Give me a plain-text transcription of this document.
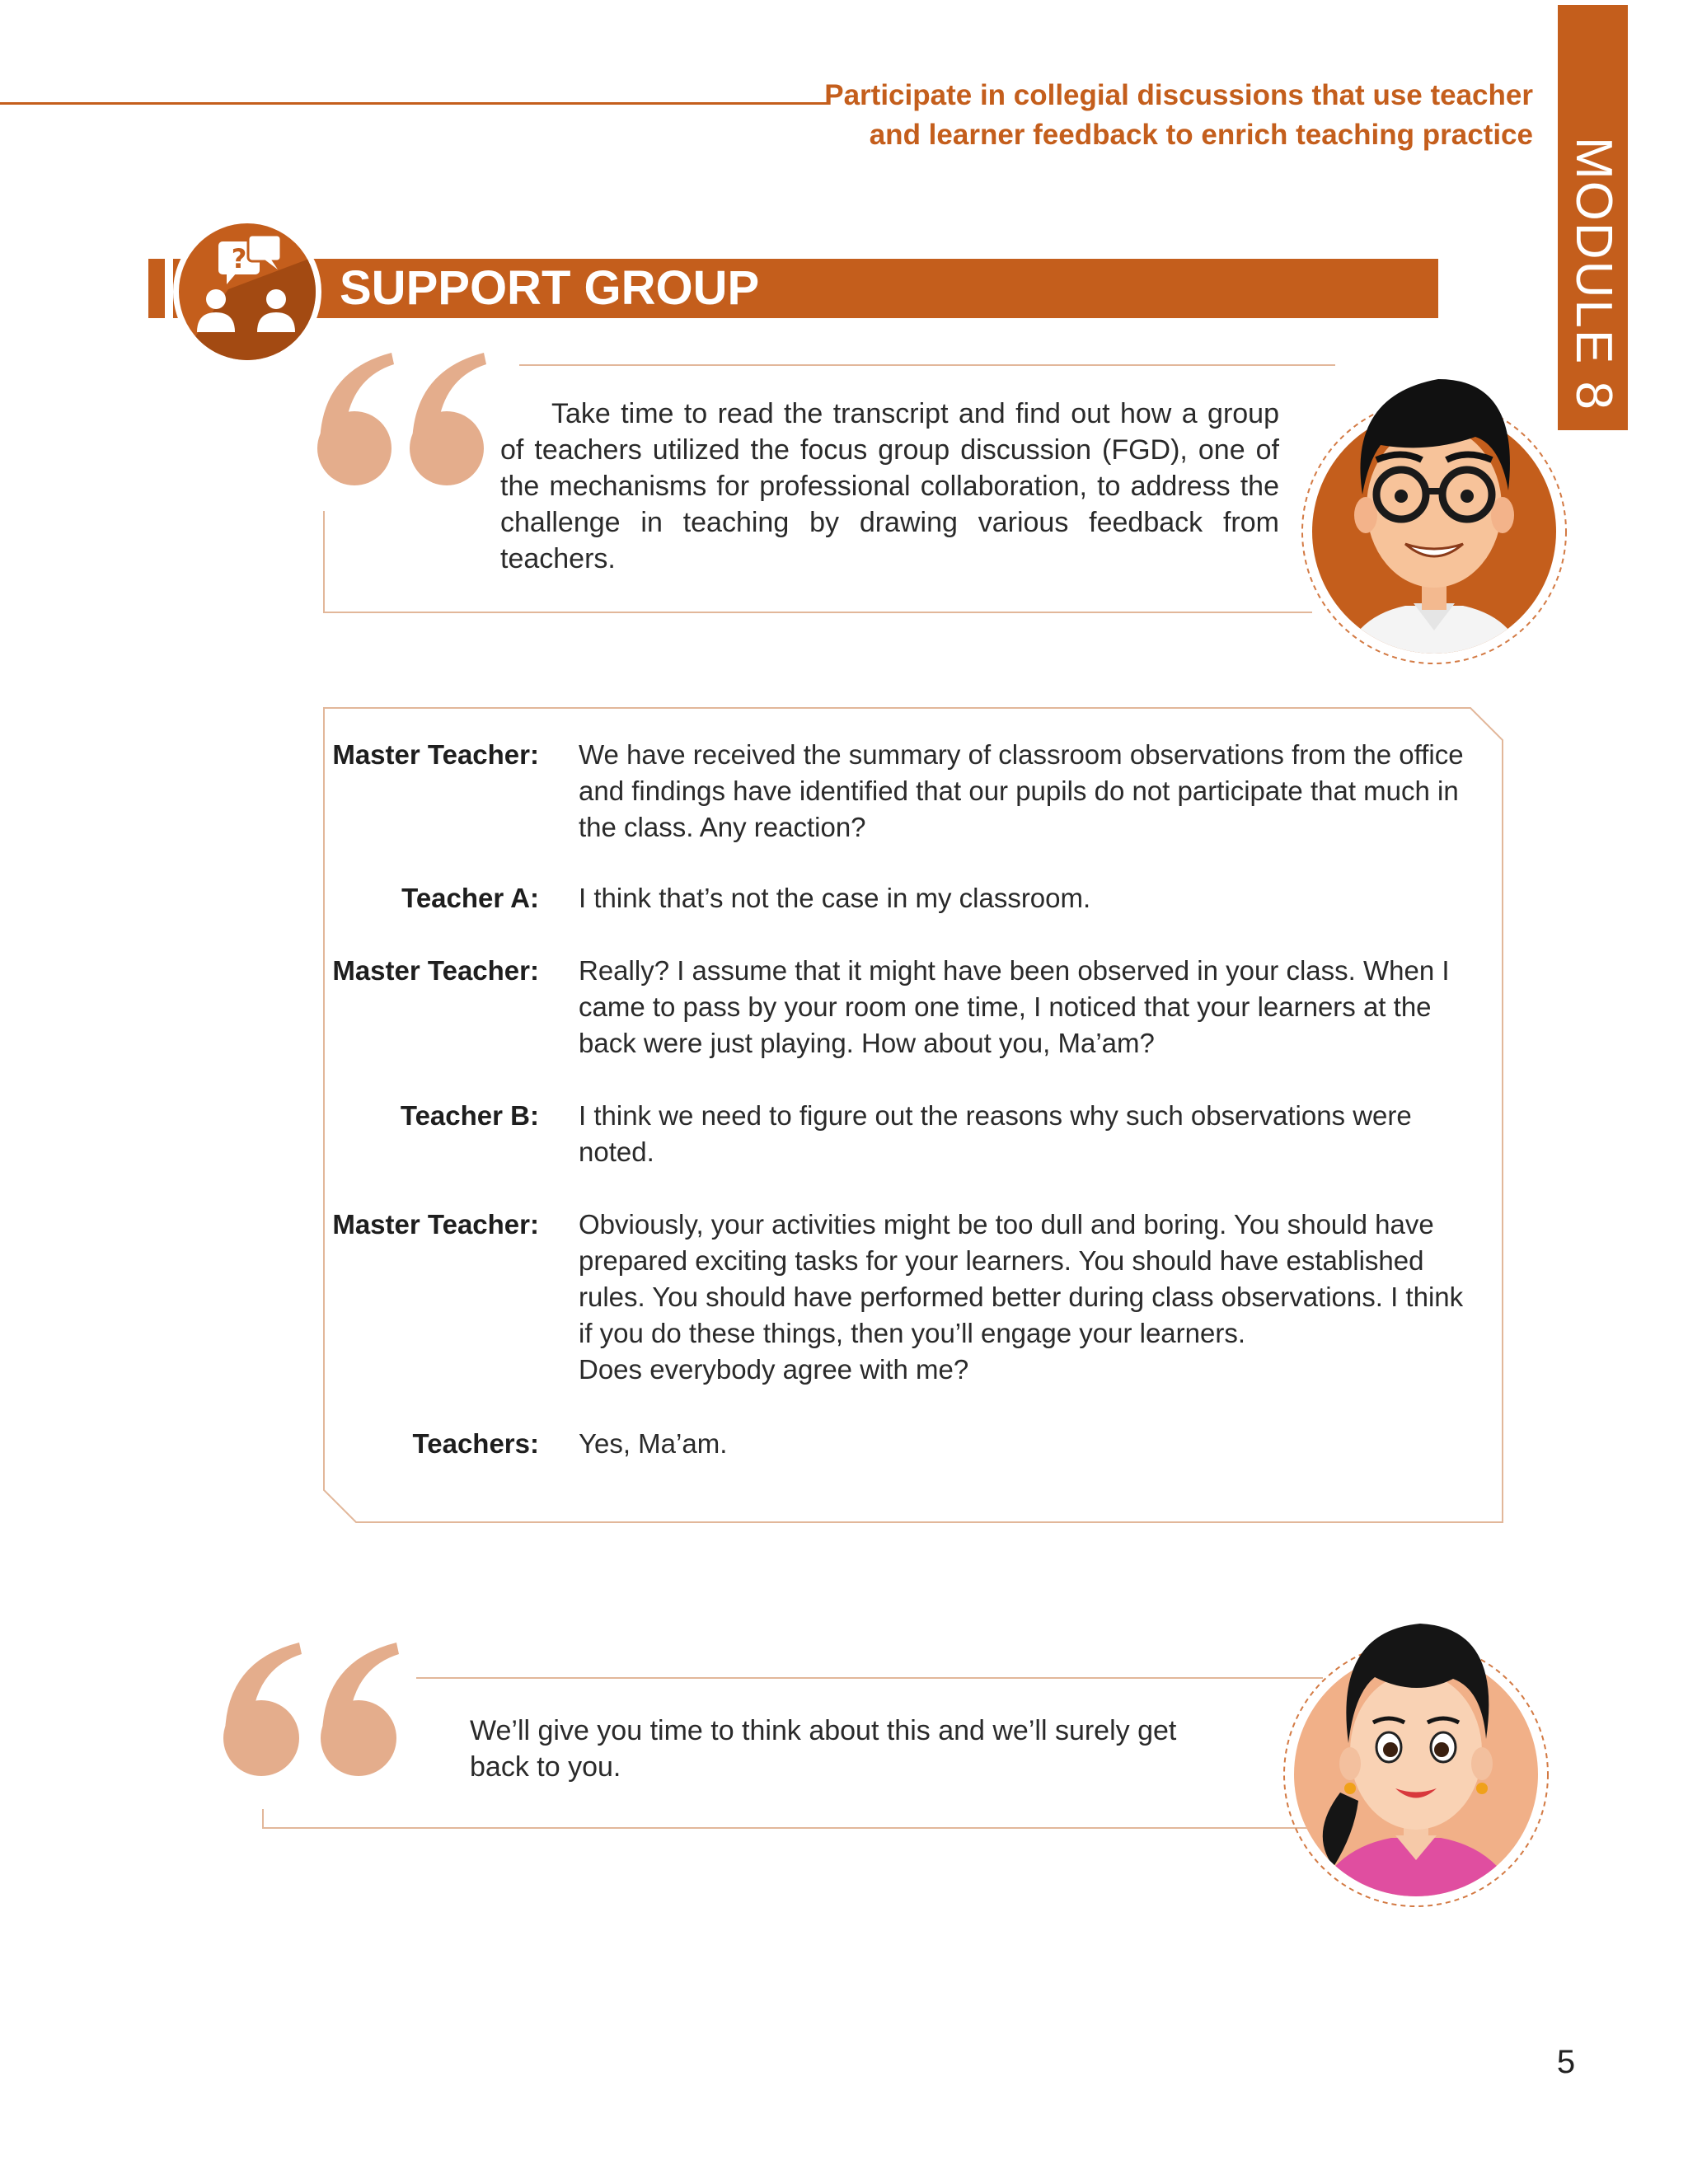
Participate in collegial discussions that use teacher
and learner feedback to enrich teaching practice
MODULE 8
SUPPORT GROUP
?
Take time to read the transcript and find out how a group of teachers utilized the focus group discussion (FGD), one of the mechanisms for professional collaboration, to address the challenge in teaching by drawing various feedback from teachers.
Master Teacher: We have received the summary of classroom observations from the office and findings have identified that our pupils do not participate that much in the class. Any reaction?
Teacher A: I think that’s not the case in my classroom.
Master Teacher: Really? I assume that it might have been observed in your class. When I came to pass by your room one time, I noticed that your learners at the back were just playing. How about you, Ma’am?
Teacher B: I think we need to figure out the reasons why such observations were noted.
Master Teacher: Obviously, your activities might be too dull and boring. You should have prepared exciting tasks for your learners. You should have established rules. You should have performed better during class observations. I think if you do these things, then you’ll engage your learners.
Does everybody agree with me?
Teachers: Yes, Ma’am.
We’ll give you time to think about this and we’ll surely get
back to you.
5
